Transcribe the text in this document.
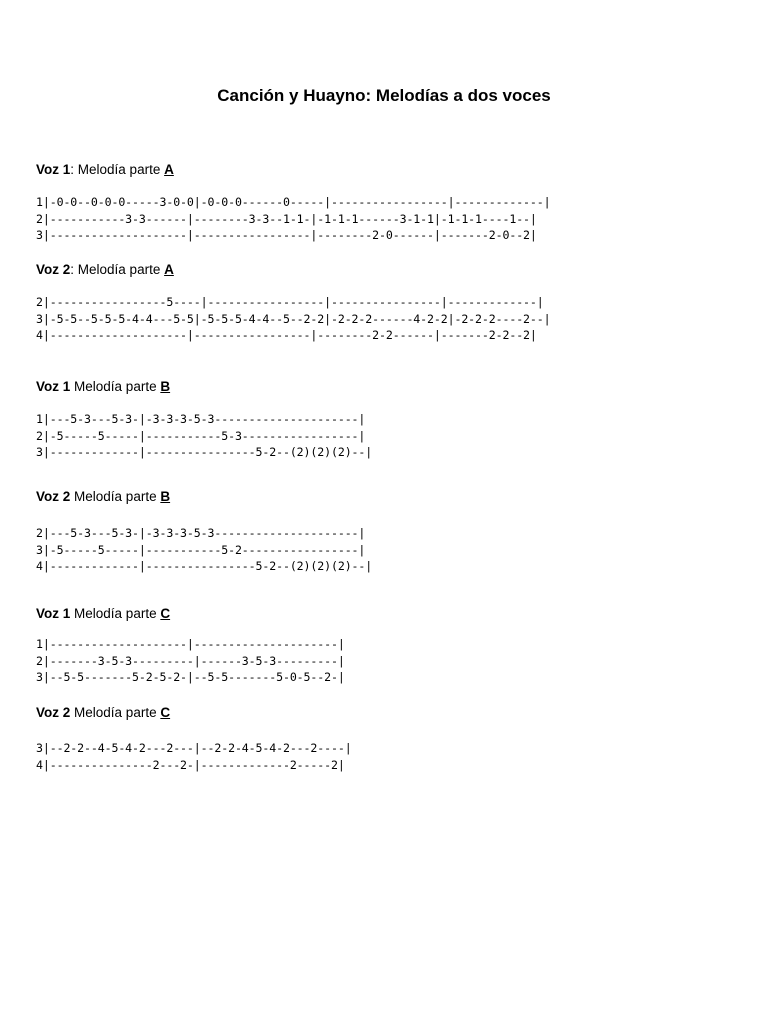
Canción y Huayno: Melodías a dos voces
Voz 1: Melodía parte A
1|-0-0--0-0-0-----3-0-0|-0-0-0------0-----|-----------------|-------------|
2|-----------3-3------|--------3-3--1-1-|-1-1-1------3-1-1|-1-1-1----1--|
3|--------------------|-----------------|--------2-0------|-------2-0--2|
Voz 2: Melodía parte A
2|-----------------5----|-----------------|----------------|-------------|
3|-5-5--5-5-5-4-4---5-5|-5-5-5-4-4--5--2-2|-2-2-2------4-2-2|-2-2-2----2--|
4|--------------------|-----------------|--------2-2------|-------2-2--2|
Voz 1 Melodía parte B
1|---5-3---5-3-|-3-3-3-5-3---------------------|
2|-5-----5-----|-----------5-3-----------------|
3|-------------|----------------5-2--(2)(2)(2)--|
Voz 2 Melodía parte B
2|---5-3---5-3-|-3-3-3-5-3---------------------|
3|-5-----5-----|-----------5-2-----------------|
4|-------------|----------------5-2--(2)(2)(2)--|
Voz 1 Melodía parte C
1|--------------------|---------------------|
2|-------3-5-3---------|------3-5-3---------|
3|--5-5-------5-2-5-2-|--5-5-------5-0-5--2-|
Voz 2 Melodía parte C
3|--2-2--4-5-4-2---2---|--2-2-4-5-4-2---2----|
4|---------------2---2-|-------------2-----2|
